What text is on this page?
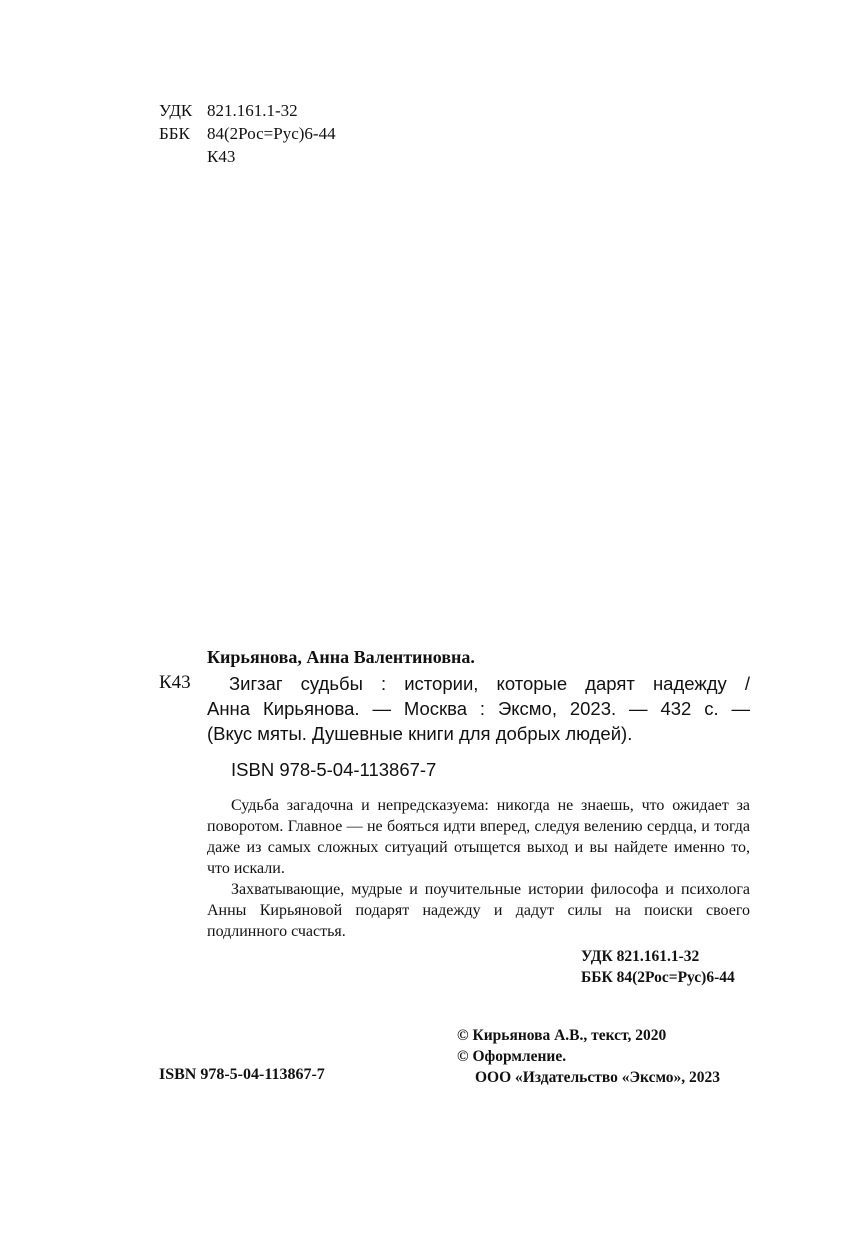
УДК 821.161.1-32
ББК 84(2Рос=Рус)6-44
К43
Кирьянова, Анна Валентиновна.
К43	Зигзаг судьбы : истории, которые дарят надежду /
Анна Кирьянова. — Москва : Эксмо, 2023. — 432 с. —
(Вкус мяты. Душевные книги для добрых людей).
ISBN 978-5-04-113867-7

Судьба загадочна и непредсказуема: никогда не знаешь, что ожидает за поворотом. Главное — не бояться идти вперед, следуя велению сердца, и тогда даже из самых сложных ситуаций отыщется выход и вы найдете именно то, что искали.

Захватывающие, мудрые и поучительные истории философа и психолога Анны Кирьяновой подарят надежду и дадут силы на поиски своего подлинного счастья.

УДК 821.161.1-32
ББК 84(2Рос=Рус)6-44
© Кирьянова А.В., текст, 2020
© Оформление.
ООО «Издательство «Эксмо», 2023
ISBN 978-5-04-113867-7
